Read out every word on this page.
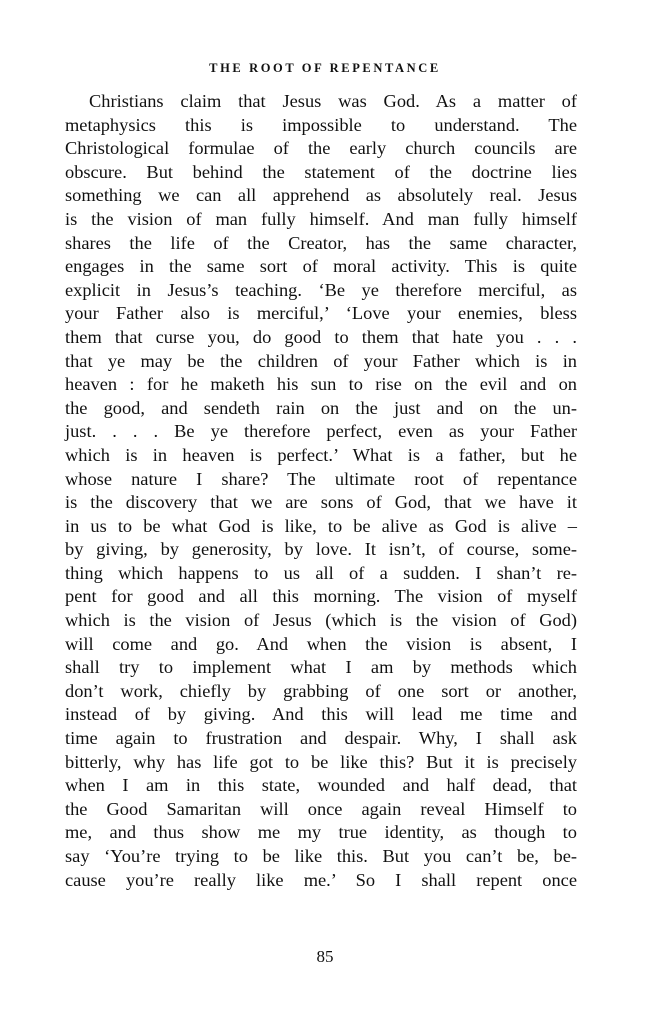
THE ROOT OF REPENTANCE
Christians claim that Jesus was God. As a matter of
metaphysics this is impossible to understand. The
Christological formulae of the early church councils are
obscure. But behind the statement of the doctrine lies
something we can all apprehend as absolutely real. Jesus
is the vision of man fully himself. And man fully himself
shares the life of the Creator, has the same character,
engages in the same sort of moral activity. This is quite
explicit in Jesus’s teaching. ‘Be ye therefore merciful, as
your Father also is merciful,’ ‘Love your enemies, bless
them that curse you, do good to them that hate you . . .
that ye may be the children of your Father which is in
heaven : for he maketh his sun to rise on the evil and on
the good, and sendeth rain on the just and on the un-
just. . . . Be ye therefore perfect, even as your Father
which is in heaven is perfect.’ What is a father, but he
whose nature I share? The ultimate root of repentance
is the discovery that we are sons of God, that we have it
in us to be what God is like, to be alive as God is alive –
by giving, by generosity, by love. It isn’t, of course, some-
thing which happens to us all of a sudden. I shan’t re-
pent for good and all this morning. The vision of myself
which is the vision of Jesus (which is the vision of God)
will come and go. And when the vision is absent, I
shall try to implement what I am by methods which
don’t work, chiefly by grabbing of one sort or another,
instead of by giving. And this will lead me time and
time again to frustration and despair. Why, I shall ask
bitterly, why has life got to be like this? But it is precisely
when I am in this state, wounded and half dead, that
the Good Samaritan will once again reveal Himself to
me, and thus show me my true identity, as though to
say ‘You’re trying to be like this. But you can’t be, be-
cause you’re really like me.’ So I shall repent once
85
